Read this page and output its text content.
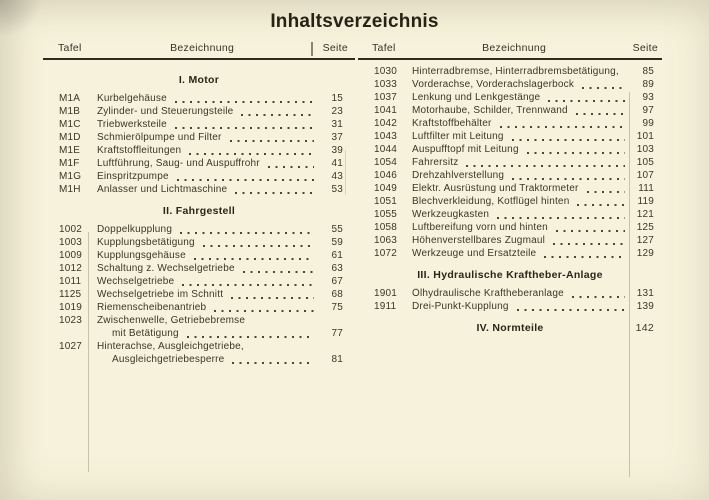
Inhaltsverzeichnis
Tafel	Bezeichnung	Seite
I. Motor
M1A	Kurbelgehäuse	15
M1B	Zylinder- und Steuerungsteile	23
M1C	Triebwerksteile	31
M1D	Schmierölpumpe und Filter	37
M1E	Kraftstoffleitungen	39
M1F	Luftführung, Saug- und Auspuffrohr	41
M1G	Einspritzpumpe	43
M1H	Anlasser und Lichtmaschine	53
II. Fahrgestell
1002	Doppelkupplung	55
1003	Kupplungsbetätigung	59
1009	Kupplungsgehäuse	61
1012	Schaltung z. Wechselgetriebe	63
1011	Wechselgetriebe	67
1125	Wechselgetriebe im Schnitt	68
1019	Riemenscheibenantrieb	75
1023	Zwischenwelle, Getriebebremse
mit Betätigung	77
1027	Hinterachse, Ausgleichgetriebe,
Ausgleichgetriebesperre	81
Tafel	Bezeichnung	Seite
1030	Hinterradbremse, Hinterradbremsbetätigung,	85
1033	Vorderachse, Vorderachslagerbock	89
1037	Lenkung und Lenkgestänge	93
1041	Motorhaube, Schilder, Trennwand	97
1042	Kraftstoffbehälter	99
1043	Luftfilter mit Leitung	101
1044	Auspufftopf mit Leitung	103
1054	Fahrersitz	105
1046	Drehzahlverstellung	107
1049	Elektr. Ausrüstung und Traktormeter	111
1051	Blechverkleidung, Kotflügel hinten	119
1055	Werkzeugkasten	121
1058	Luftbereifung vorn und hinten	125
1063	Höhenverstellbares Zugmaul	127
1072	Werkzeuge und Ersatzteile	129
III. Hydraulische Kraftheber-Anlage
1901	Ölhydraulische Kraftheberanlage	131
1911	Drei-Punkt-Kupplung	139
IV. Normteile	142
